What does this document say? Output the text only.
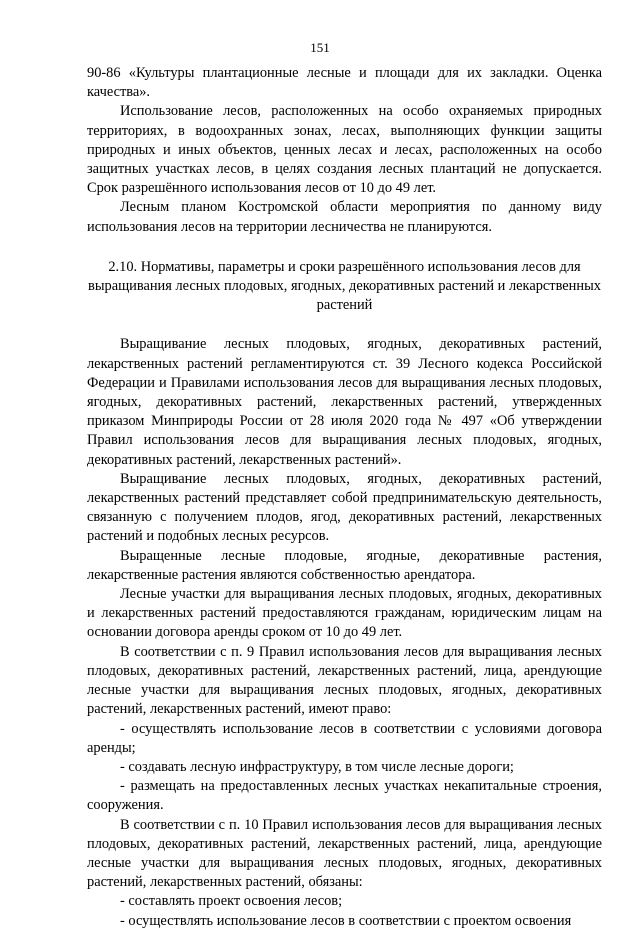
151

90-86 «Культуры плантационные лесные и площади для их закладки. Оценка качества».

Использование лесов, расположенных на особо охраняемых природных территориях, в водоохранных зонах, лесах, выполняющих функции защиты природных и иных объектов, ценных лесах и лесах, расположенных на особо защитных участках лесов, в целях создания лесных плантаций не допускается. Срок разрешённого использования лесов от 10 до 49 лет.

Лесным планом Костромской области мероприятия по данному виду использования лесов на территории лесничества не планируются.

2.10. Нормативы, параметры и сроки разрешённого использования лесов для выращивания лесных плодовых, ягодных, декоративных растений и лекарственных растений

Выращивание лесных плодовых, ягодных, декоративных растений, лекарственных растений регламентируются ст. 39 Лесного кодекса Российской Федерации и Правилами использования лесов для выращивания лесных плодовых, ягодных, декоративных растений, лекарственных растений, утвержденных приказом Минприроды России от 28 июля 2020 года № 497 «Об утверждении Правил использования лесов для выращивания лесных плодовых, ягодных, декоративных растений, лекарственных растений».

Выращивание лесных плодовых, ягодных, декоративных растений, лекарственных растений представляет собой предпринимательскую деятельность, связанную с получением плодов, ягод, декоративных растений, лекарственных растений и подобных лесных ресурсов.

Выращенные лесные плодовые, ягодные, декоративные растения, лекарственные растения являются собственностью арендатора.

Лесные участки для выращивания лесных плодовых, ягодных, декоративных и лекарственных растений предоставляются гражданам, юридическим лицам на основании договора аренды сроком от 10 до 49 лет.

В соответствии с п. 9 Правил использования лесов для выращивания лесных плодовых, декоративных растений, лекарственных растений, лица, арендующие лесные участки для выращивания лесных плодовых, ягодных, декоративных растений, лекарственных растений, имеют право:

- осуществлять использование лесов в соответствии с условиями договора аренды;

- создавать лесную инфраструктуру, в том числе лесные дороги;

- размещать на предоставленных лесных участках некапитальные строения, сооружения.

В соответствии с п. 10 Правил использования лесов для выращивания лесных плодовых, декоративных растений, лекарственных растений, лица, арендующие лесные участки для выращивания лесных плодовых, ягодных, декоративных растений, лекарственных растений, обязаны:

- составлять проект освоения лесов;

- осуществлять использование лесов в соответствии с проектом освоения
